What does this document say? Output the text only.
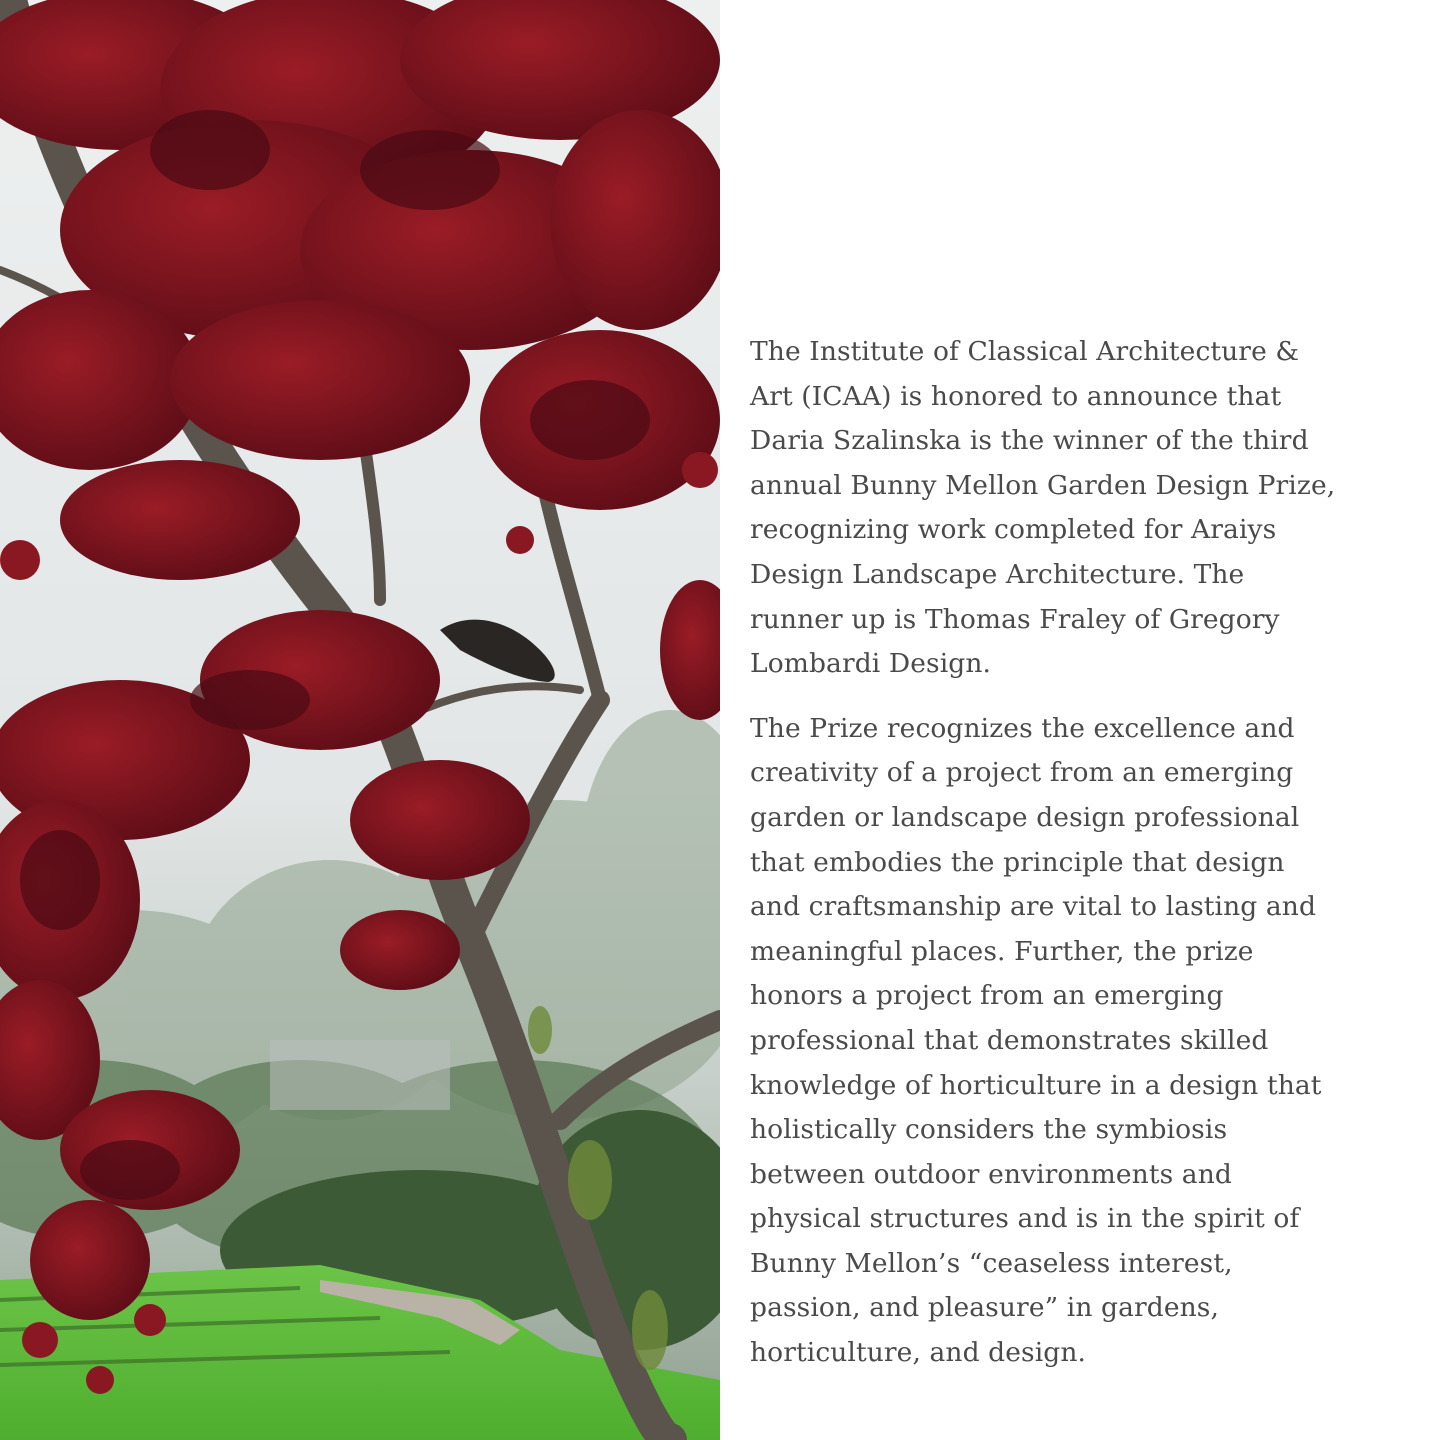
The Institute of Classical Architecture &
Art (ICAA) is honored to announce that
Daria Szalinska is the winner of the third
annual Bunny Mellon Garden Design Prize,
recognizing work completed for Araiys
Design Landscape Architecture. The
runner up is Thomas Fraley of Gregory
Lombardi Design.

The Prize recognizes the excellence and
creativity of a project from an emerging
garden or landscape design professional
that embodies the principle that design
and craftsmanship are vital to lasting and
meaningful places. Further, the prize
honors a project from an emerging
professional that demonstrates skilled
knowledge of horticulture in a design that
holistically considers the symbiosis
between outdoor environments and
physical structures and is in the spirit of
Bunny Mellon’s “ceaseless interest,
passion, and pleasure” in gardens,
horticulture, and design.
